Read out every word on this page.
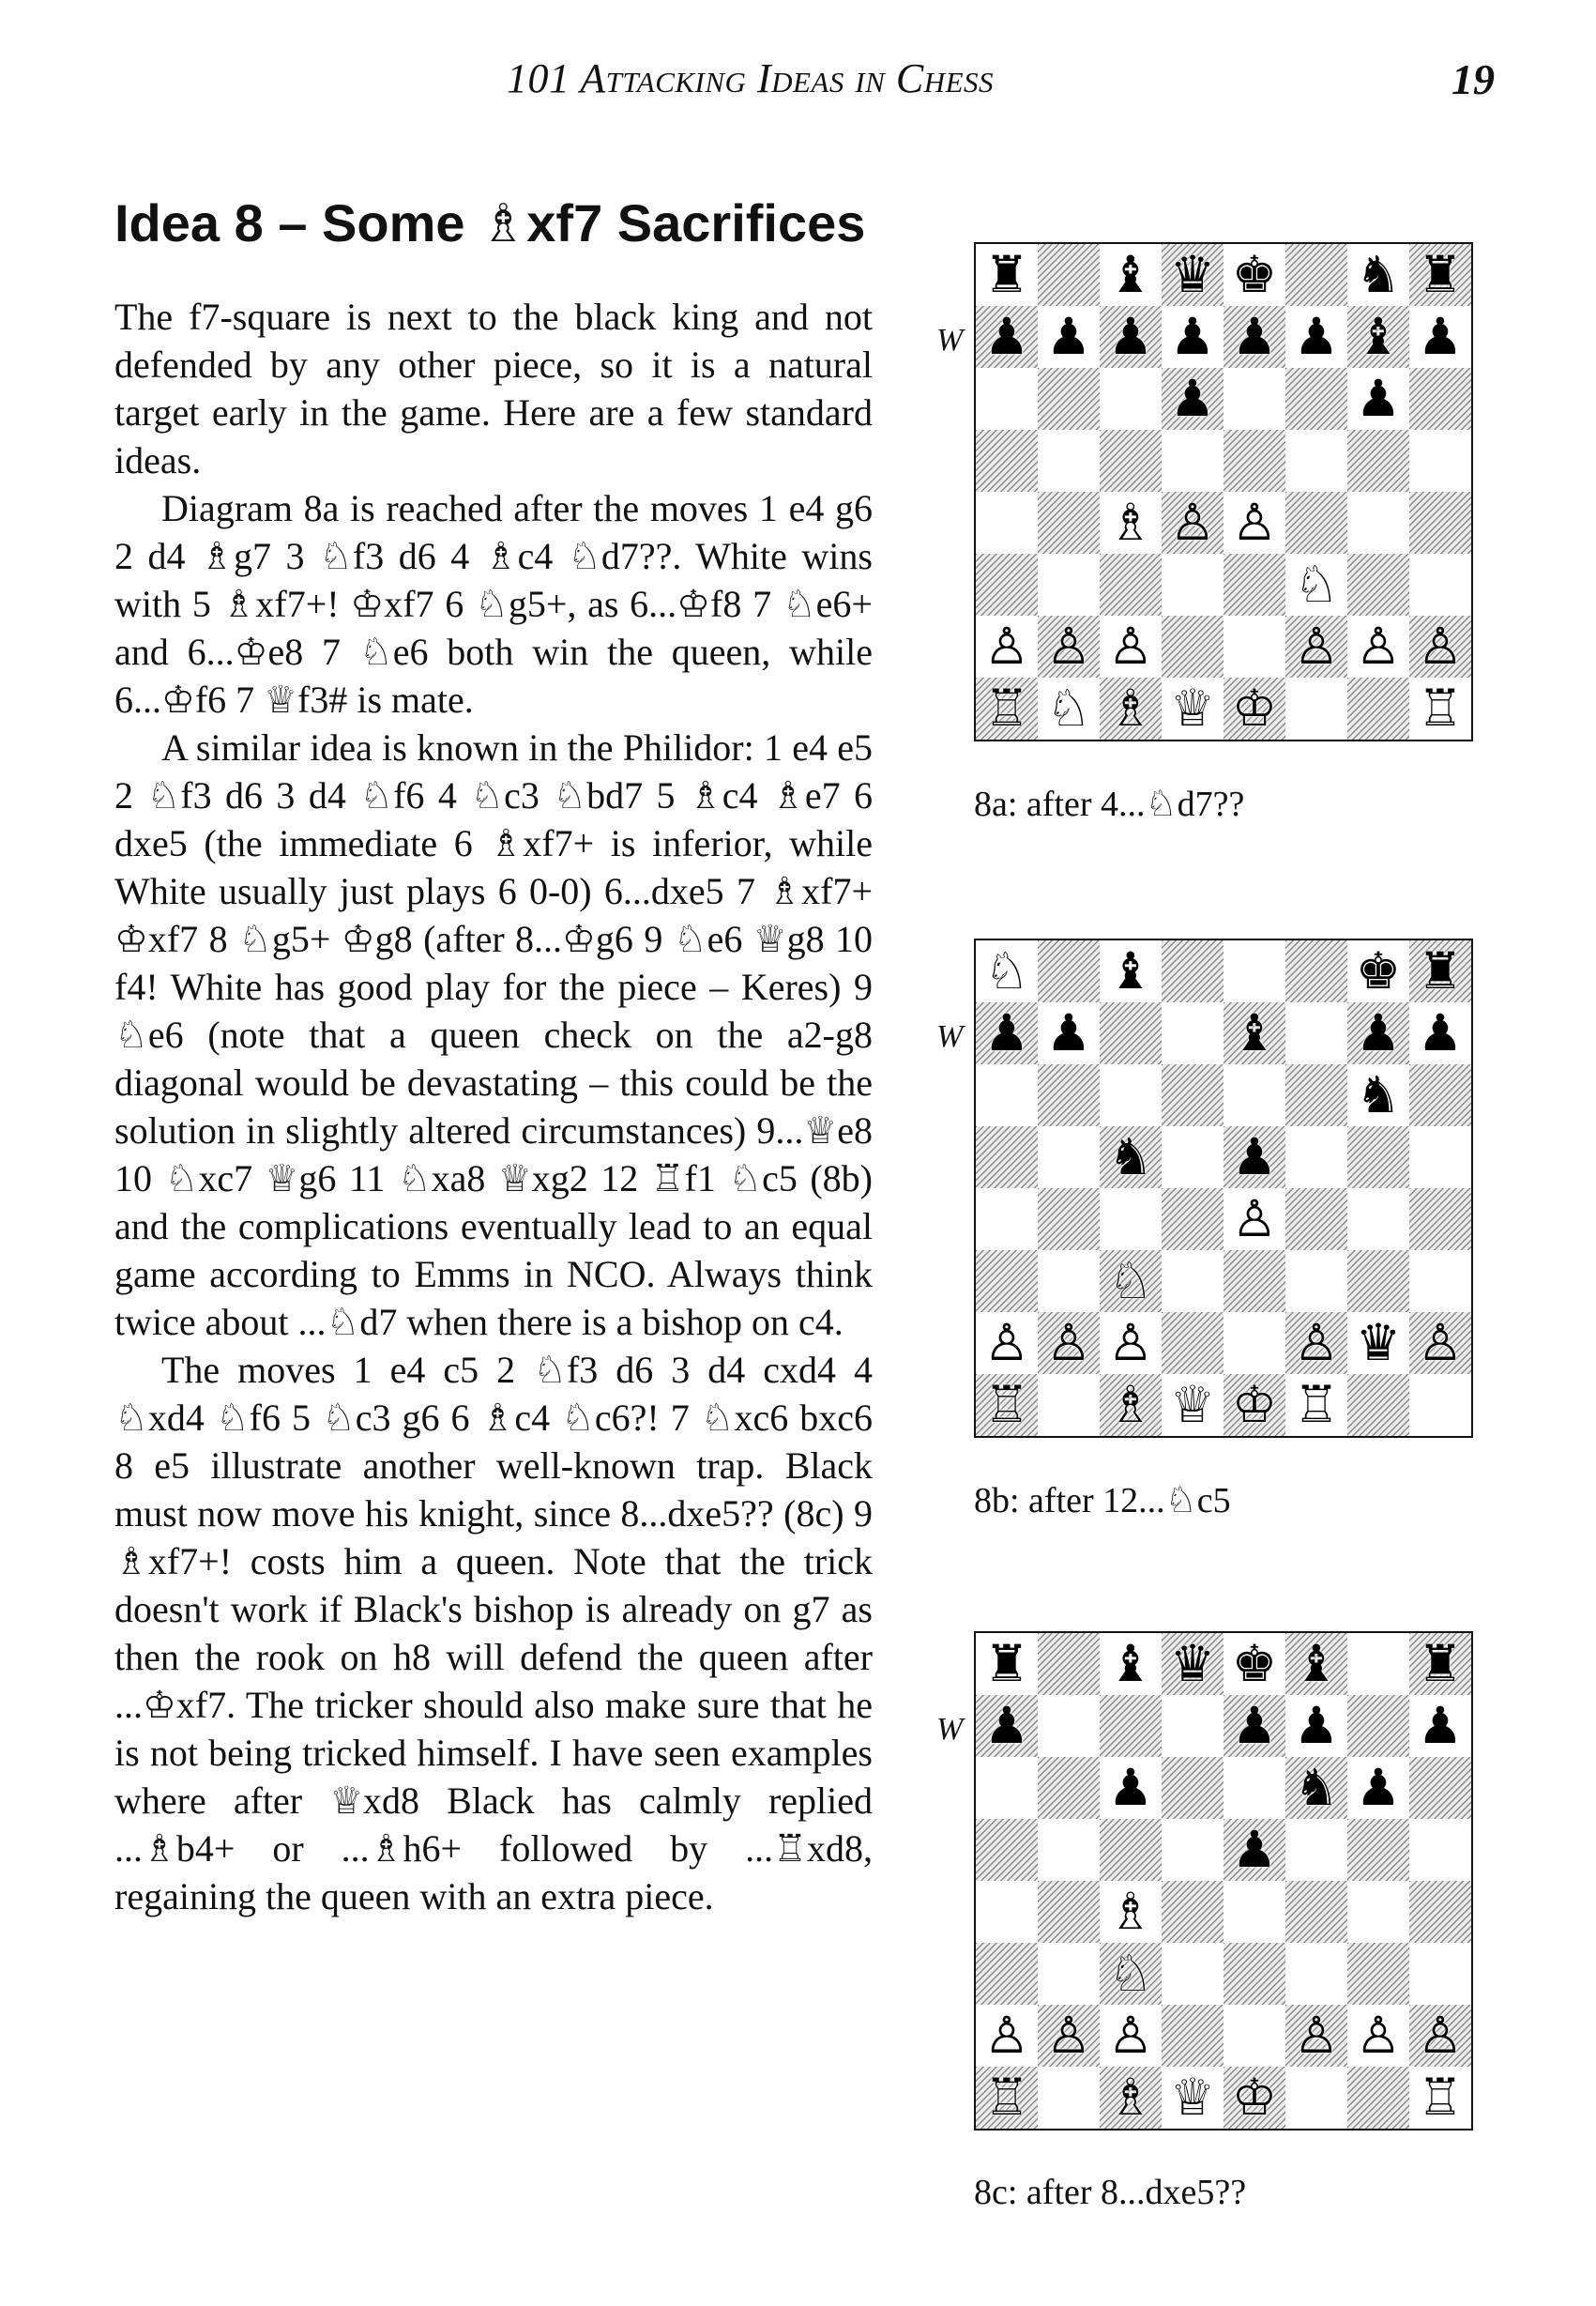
101 Attacking Ideas in Chess	19
Idea 8 – Some ♗xf7 Sacrifices

The f7-square is next to the black king and not defended by any other piece, so it is a natural target early in the game. Here are a few standard ideas.

Diagram 8a is reached after the moves 1 e4 g6 2 d4 ♗g7 3 ♘f3 d6 4 ♗c4 ♘d7??. White wins with 5 ♗xf7+! ♔xf7 6 ♘g5+, as 6...♔f8 7 ♘e6+ and 6...♔e8 7 ♘e6 both win the queen, while 6...♔f6 7 ♕f3# is mate.

A similar idea is known in the Philidor: 1 e4 e5 2 ♘f3 d6 3 d4 ♘f6 4 ♘c3 ♘bd7 5 ♗c4 ♗e7 6 dxe5 (the immediate 6 ♗xf7+ is inferior, while White usually just plays 6 0-0) 6...dxe5 7 ♗xf7+ ♔xf7 8 ♘g5+ ♔g8 (after 8...♔g6 9 ♘e6 ♕g8 10 f4! White has good play for the piece – Keres) 9 ♘e6 (note that a queen check on the a2-g8 diagonal would be devastating – this could be the solution in slightly altered circumstances) 9...♕e8 10 ♘xc7 ♕g6 11 ♘xa8 ♕xg2 12 ♖f1 ♘c5 (8b) and the complications eventually lead to an equal game according to Emms in NCO. Always think twice about ...♘d7 when there is a bishop on c4.

The moves 1 e4 c5 2 ♘f3 d6 3 d4 cxd4 4 ♘xd4 ♘f6 5 ♘c3 g6 6 ♗c4 ♘c6?! 7 ♘xc6 bxc6 8 e5 illustrate another well-known trap. Black must now move his knight, since 8...dxe5?? (8c) 9 ♗xf7+! costs him a queen. Note that the trick doesn't work if Black's bishop is already on g7 as then the rook on h8 will defend the queen after ...♔xf7. The tricker should also make sure that he is not being tricked himself. I have seen examples where after ♕xd8 Black has calmly replied ...♗b4+ or ...♗h6+ followed by ...♖xd8, regaining the queen with an extra piece.

W
♜ ♝ ♛ ♚ ♞ ♜
♟ ♟ ♟ ♟ ♟ ♟ ♝ ♟
♟	♟
♗ ♙ ♙
♘
♙ ♙ ♙	♙ ♙ ♙
♖ ♘ ♗ ♕ ♔	♖
8a: after 4...♘d7??
W
♘ ♝	♚ ♜
♟ ♟	♝ ♟ ♟
♞
♞ ♟
♙
♘
♙ ♙ ♙	♙ ♛ ♙
♖ ♗ ♕ ♔ ♖
8b: after 12...♘c5
W
♜ ♝ ♛ ♚ ♝ ♜
♟	♟ ♟ ♟
♟	♞ ♟
♟
♗
♘
♙ ♙ ♙	♙ ♙ ♙
♖ ♗ ♕ ♔	♖
8c: after 8...dxe5??
